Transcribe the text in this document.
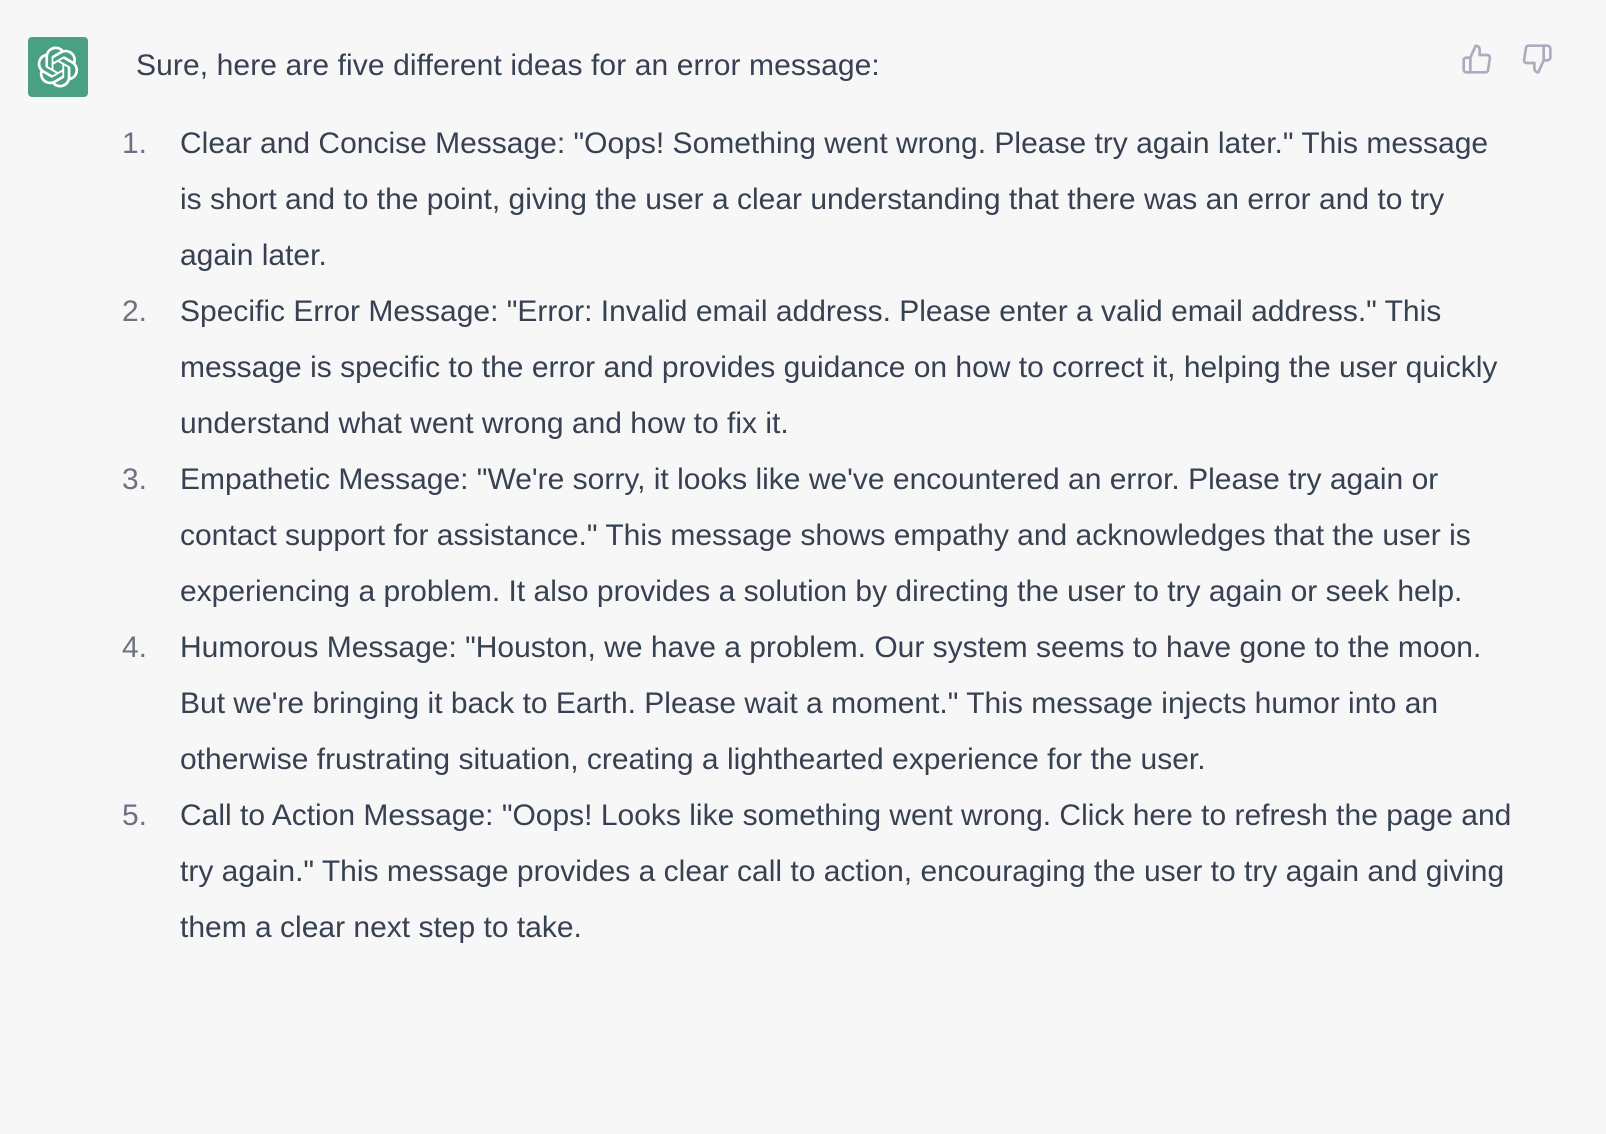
Sure, here are five different ideas for an error message:

1. Clear and Concise Message: "Oops! Something went wrong. Please try again later." This message is short and to the point, giving the user a clear understanding that there was an error and to try again later.
2. Specific Error Message: "Error: Invalid email address. Please enter a valid email address." This message is specific to the error and provides guidance on how to correct it, helping the user quickly understand what went wrong and how to fix it.
3. Empathetic Message: "We're sorry, it looks like we've encountered an error. Please try again or contact support for assistance." This message shows empathy and acknowledges that the user is experiencing a problem. It also provides a solution by directing the user to try again or seek help.
4. Humorous Message: "Houston, we have a problem. Our system seems to have gone to the moon. But we're bringing it back to Earth. Please wait a moment." This message injects humor into an otherwise frustrating situation, creating a lighthearted experience for the user.
5. Call to Action Message: "Oops! Looks like something went wrong. Click here to refresh the page and try again." This message provides a clear call to action, encouraging the user to try again and giving them a clear next step to take.
